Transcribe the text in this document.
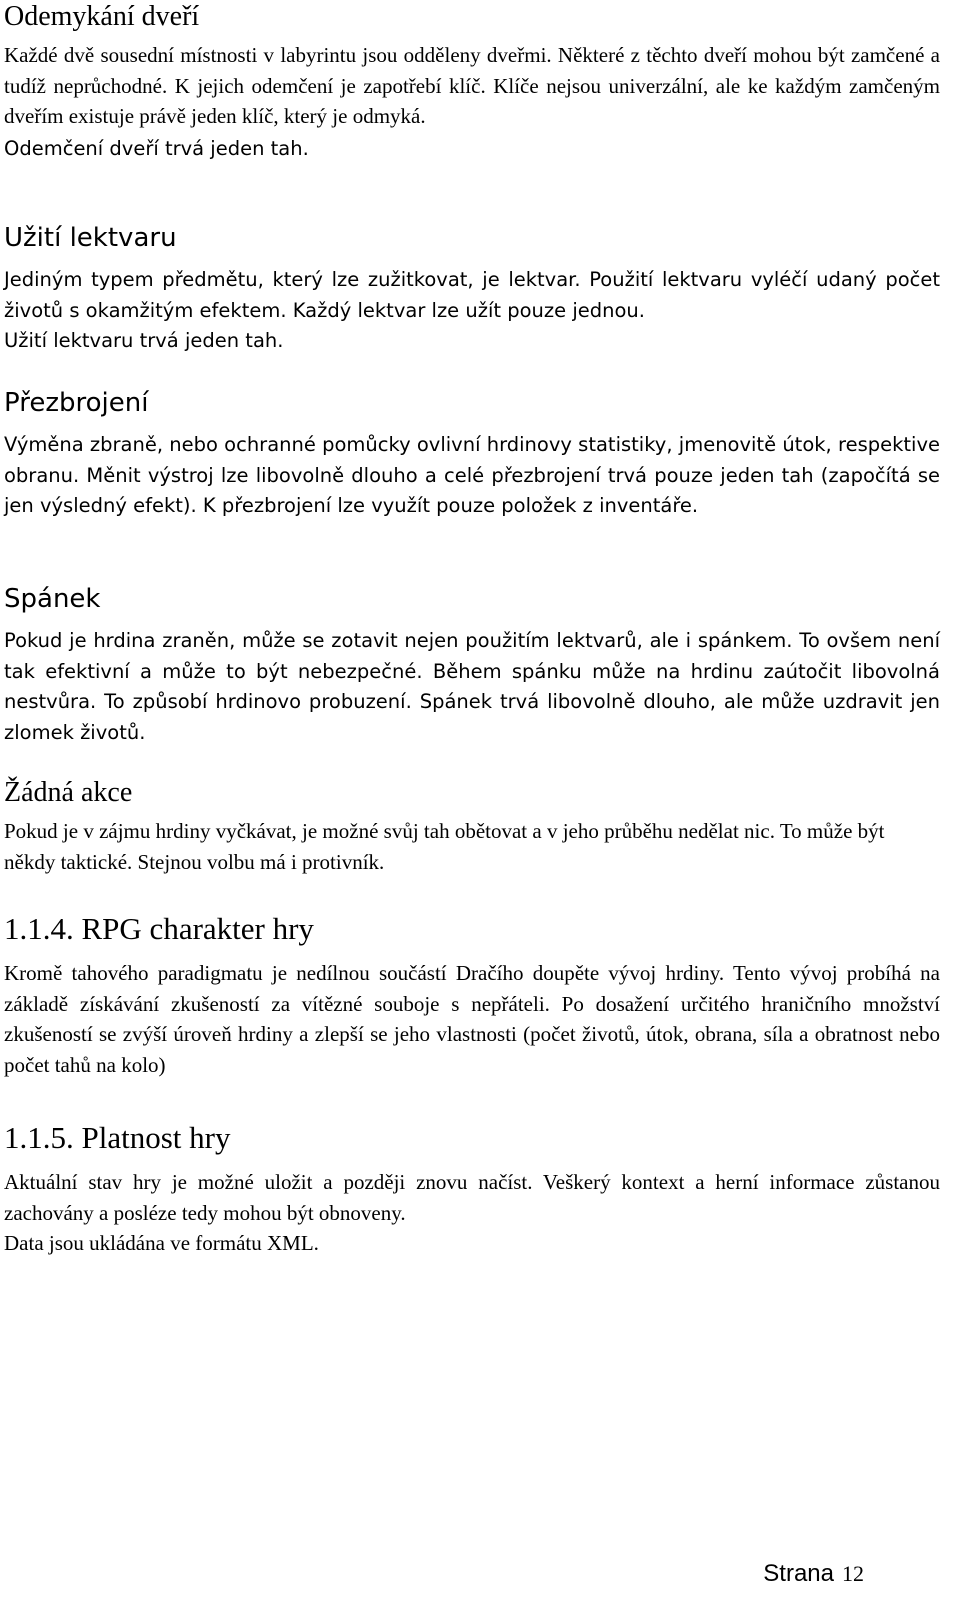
Odemykání dveří

Každé dvě sousední místnosti v labyrintu jsou odděleny dveřmi. Některé z těchto dveří mohou být zamčené a tudíž neprůchodné. K jejich odemčení je zapotřebí klíč. Klíče nejsou univerzální, ale ke každým zamčeným dveřím existuje právě jeden klíč, který je odmyká.

Odemčení dveří trvá jeden tah.

Užití lektvaru

Jediným typem předmětu, který lze zužitkovat, je lektvar. Použití lektvaru vyléčí udaný počet životů s okamžitým efektem. Každý lektvar lze užít pouze jednou.

Užití lektvaru trvá jeden tah.

Přezbrojení

Výměna zbraně, nebo ochranné pomůcky ovlivní hrdinovy statistiky, jmenovitě útok, respektive obranu. Měnit výstroj lze libovolně dlouho a celé přezbrojení trvá pouze jeden tah (započítá se jen výsledný efekt). K přezbrojení lze využít pouze položek z inventáře.

Spánek

Pokud je hrdina zraněn, může se zotavit nejen použitím lektvarů, ale i spánkem. To ovšem není tak efektivní a může to být nebezpečné. Během spánku může na hrdinu zaútočit libovolná nestvůra. To způsobí hrdinovo probuzení. Spánek trvá libovolně dlouho, ale může uzdravit jen zlomek životů.

Žádná akce

Pokud je v zájmu hrdiny vyčkávat, je možné svůj tah obětovat a v jeho průběhu nedělat nic. To může být někdy taktické. Stejnou volbu má i protivník.

1.1.4. RPG charakter hry

Kromě tahového paradigmatu je nedílnou součástí Dračího doupěte vývoj hrdiny. Tento vývoj probíhá na základě získávání zkušeností za vítězné souboje s nepřáteli. Po dosažení určitého hraničního množství zkušeností se zvýší úroveň hrdiny a zlepší se jeho vlastnosti (počet životů, útok, obrana, síla a obratnost nebo počet tahů na kolo)

1.1.5. Platnost hry

Aktuální stav hry je možné uložit a později znovu načíst. Veškerý kontext a herní informace zůstanou zachovány a posléze tedy mohou být obnoveny.

Data jsou ukládána ve formátu XML.

Strana 12
